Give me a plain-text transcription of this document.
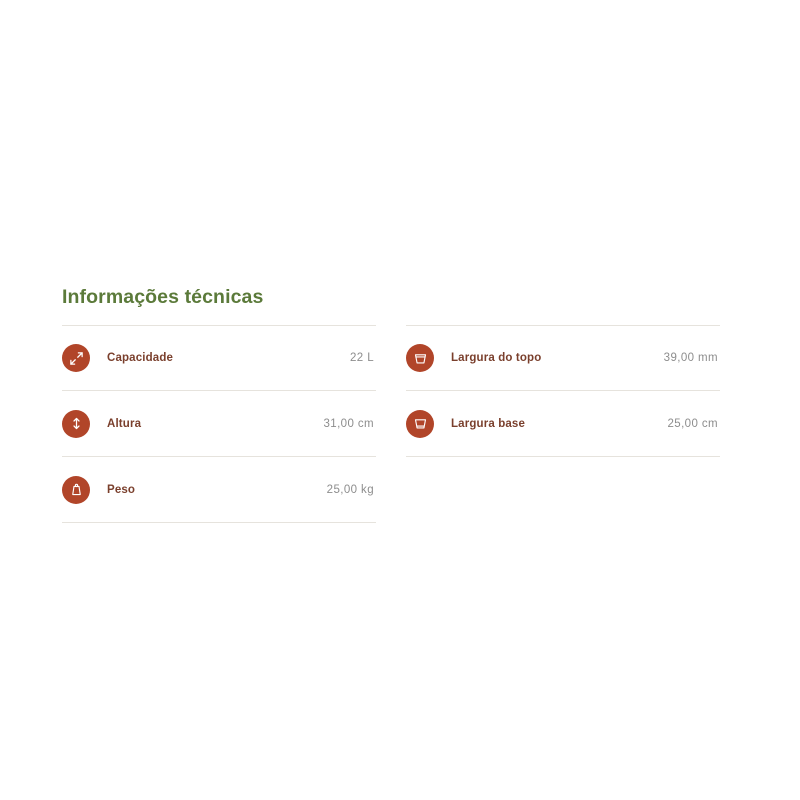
Informações técnicas
Capacidade	22 L
Altura	31,00 cm
Peso	25,00 kg
Largura do topo	39,00 mm
Largura base	25,00 cm
